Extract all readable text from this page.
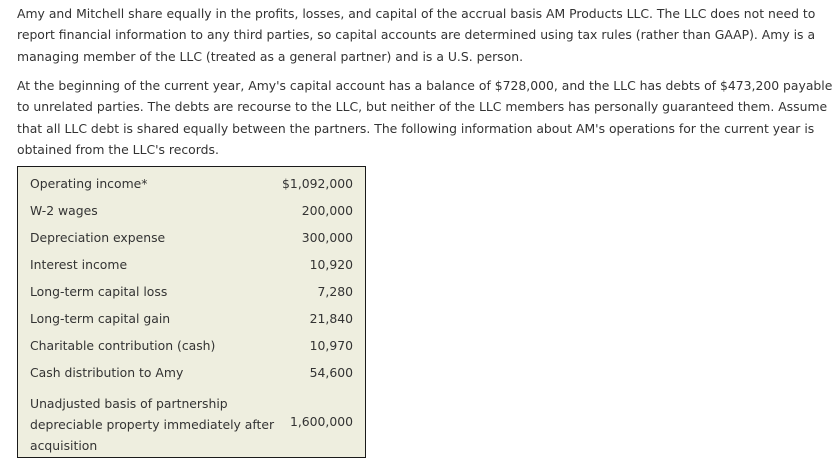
Amy and Mitchell share equally in the profits, losses, and capital of the accrual basis AM Products LLC. The LLC does not need to report financial information to any third parties, so capital accounts are determined using tax rules (rather than GAAP). Amy is a managing member of the LLC (treated as a general partner) and is a U.S. person.

At the beginning of the current year, Amy's capital account has a balance of $728,000, and the LLC has debts of $473,200 payable to unrelated parties. The debts are recourse to the LLC, but neither of the LLC members has personally guaranteed them. Assume that all LLC debt is shared equally between the partners. The following information about AM's operations for the current year is obtained from the LLC's records.

Operating income*	$1,092,000
W-2 wages	200,000
Depreciation expense	300,000
Interest income	10,920
Long-term capital loss	7,280
Long-term capital gain	21,840
Charitable contribution (cash)	10,970
Cash distribution to Amy	54,600
Unadjusted basis of partnership depreciable property immediately after acquisition
1,600,000
